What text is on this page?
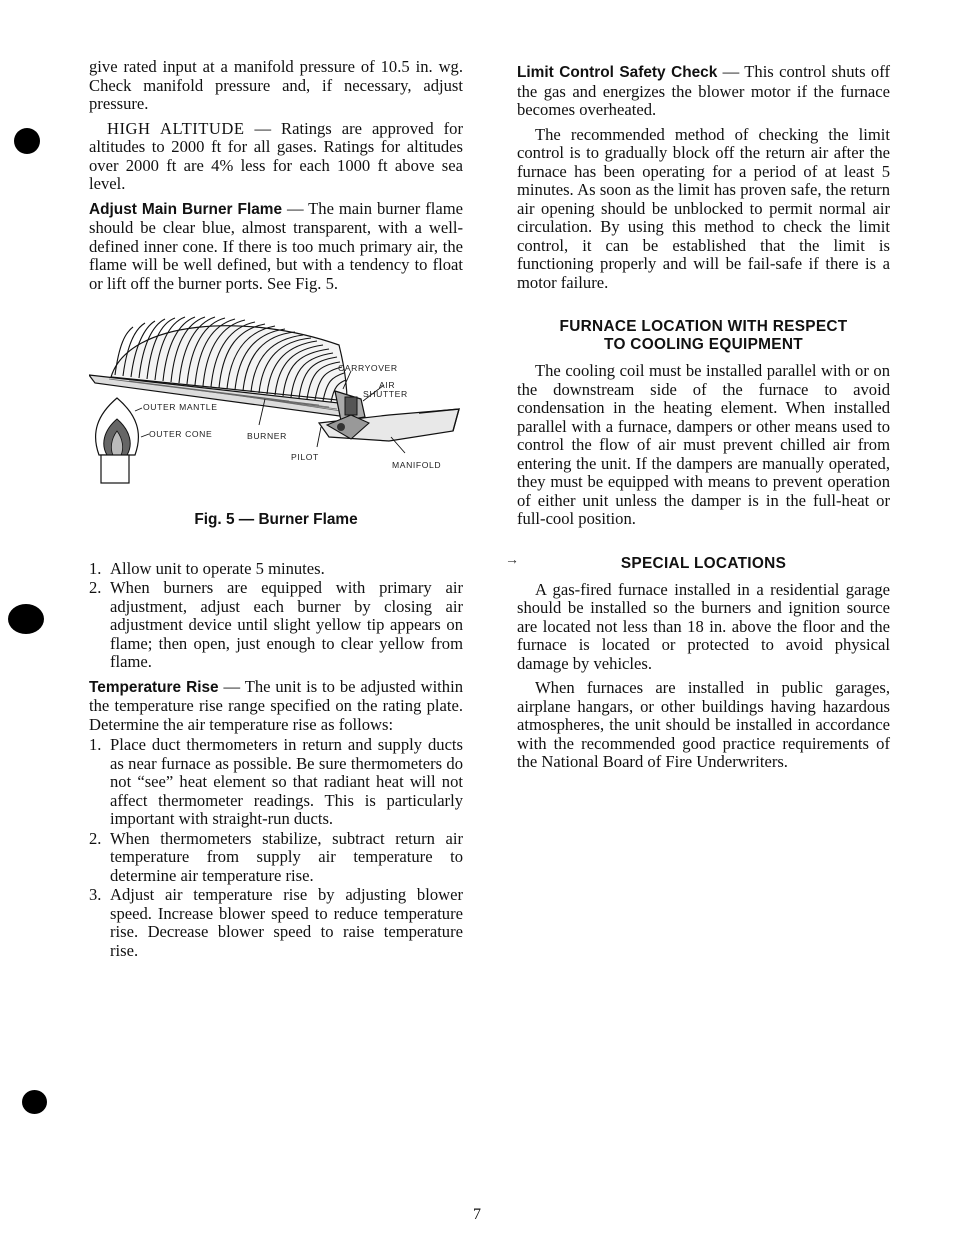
give rated input at a manifold pressure of 10.5 in. wg. Check manifold pressure and, if necessary, adjust pressure.

HIGH ALTITUDE — Ratings are approved for altitudes to 2000 ft for all gases. Ratings for altitudes over 2000 ft are 4% less for each 1000 ft above sea level.

Adjust Main Burner Flame — The main burner flame should be clear blue, almost transparent, with a well-defined inner cone. If there is too much primary air, the flame will be well defined, but with a tendency to float or lift off the burner ports. See Fig. 5.

CARRYOVER
AIR
SHUTTER
OUTER MANTLE
OUTER CONE	BURNER
PILOT
MANIFOLD
Fig. 5 — Burner Flame
1. Allow unit to operate 5 minutes.
2. When burners are equipped with primary air adjustment, adjust each burner by closing air adjustment device until slight yellow tip appears on flame; then open, just enough to clear yellow from flame.

Temperature Rise — The unit is to be adjusted within the temperature rise range specified on the rating plate. Determine the air temperature rise as follows:

1. Place duct thermometers in return and supply ducts as near furnace as possible. Be sure thermometers do not “see” heat element so that radiant heat will not affect thermometer readings. This is particularly important with straight-run ducts.
2. When thermometers stabilize, subtract return air temperature from supply air temperature to determine air temperature rise.
3. Adjust air temperature rise by adjusting blower speed. Increase blower speed to reduce temperature rise. Decrease blower speed to raise temperature rise.

Limit Control Safety Check — This control shuts off the gas and energizes the blower motor if the furnace becomes overheated.

The recommended method of checking the limit control is to gradually block off the return air after the furnace has been operating for a period of at least 5 minutes. As soon as the limit has proven safe, the return air opening should be unblocked to permit normal air circulation. By using this method to check the limit control, it can be established that the limit is functioning properly and will be fail-safe if there is a motor failure.

FURNACE LOCATION WITH RESPECT
TO COOLING EQUIPMENT

The cooling coil must be installed parallel with or on the downstream side of the furnace to avoid condensation in the heating element. When installed parallel with a furnace, dampers or other means used to control the flow of air must prevent chilled air from entering the unit. If the dampers are manually operated, they must be equipped with means to prevent operation of either unit unless the damper is in the full-heat or full-cool position.

SPECIAL LOCATIONS

A gas-fired furnace installed in a residential garage should be installed so the burners and ignition source are located not less than 18 in. above the floor and the furnace is located or protected to avoid physical damage by vehicles.

When furnaces are installed in public garages, airplane hangars, or other buildings having hazardous atmospheres, the unit should be installed in accordance with the recommended good practice requirements of the National Board of Fire Underwriters.

→
7
